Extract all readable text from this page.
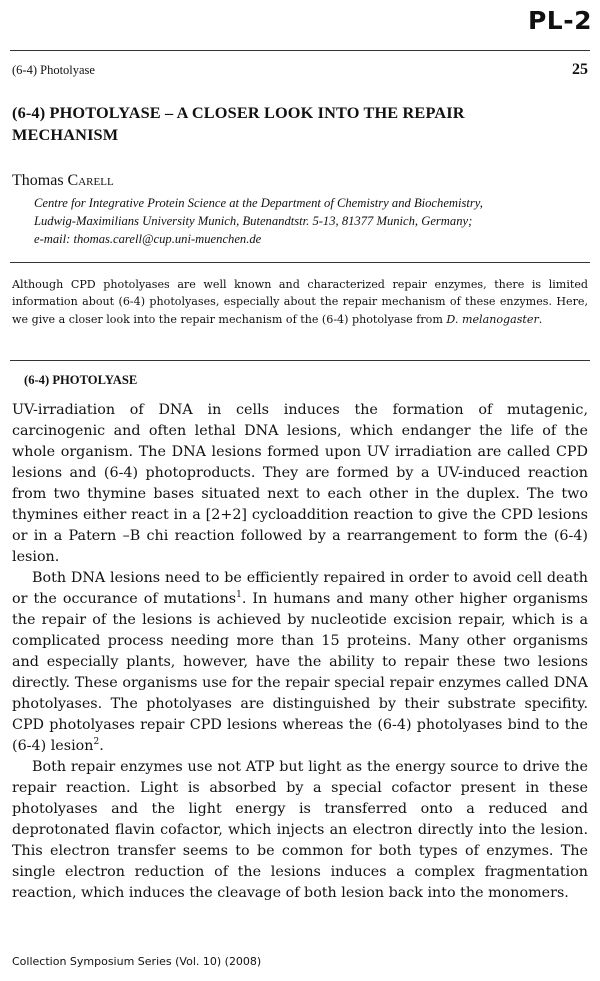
PL-2
(6-4) Photolyase	25
(6-4) PHOTOLYASE – A CLOSER LOOK INTO THE REPAIR MECHANISM
Thomas Carell
Centre for Integrative Protein Science at the Department of Chemistry and Biochemistry,
Ludwig-Maximilians University Munich, Butenandtstr. 5-13, 81377 Munich, Germany;
e-mail: thomas.carell@cup.uni-muenchen.de

Although CPD photolyases are well known and characterized repair enzymes, there is limited information about (6-4) photolyases, especially about the repair mechanism of these enzymes. Here, we give a closer look into the repair mechanism of the (6-4) photolyase from D. melanogaster.

(6-4) PHOTOLYASE

UV-irradiation of DNA in cells induces the formation of mutagenic, carcinogenic and often lethal DNA lesions, which endanger the life of the whole organism. The DNA lesions formed upon UV irradiation are called CPD lesions and (6-4) photoproducts. They are formed by a UV-induced reaction from two thymine bases situated next to each other in the duplex. The two thymines either react in a [2+2] cycloaddition reaction to give the CPD lesions or in a Patern –B chi reaction followed by a rearrangement to form the (6-4) lesion.

Both DNA lesions need to be efficiently repaired in order to avoid cell death or the occurance of mutations$^1$. In humans and many other higher organisms the repair of the lesions is achieved by nucleotide excision repair, which is a complicated process needing more than 15 proteins. Many other organisms and especially plants, however, have the ability to repair these two lesions directly. These organisms use for the repair special repair enzymes called DNA photolyases. The photolyases are distinguished by their substrate specifity. CPD photolyases repair CPD lesions whereas the (6-4) photolyases bind to the (6-4) lesion$^2$.

Both repair enzymes use not ATP but light as the energy source to drive the repair reaction. Light is absorbed by a special cofactor present in these photolyases and the light energy is transferred onto a reduced and deprotonated flavin cofactor, which injects an electron directly into the lesion. This electron transfer seems to be common for both types of enzymes. The single electron reduction of the lesions induces a complex fragmentation reaction, which induces the cleavage of both lesion back into the monomers.

Collection Symposium Series (Vol. 10) (2008)
